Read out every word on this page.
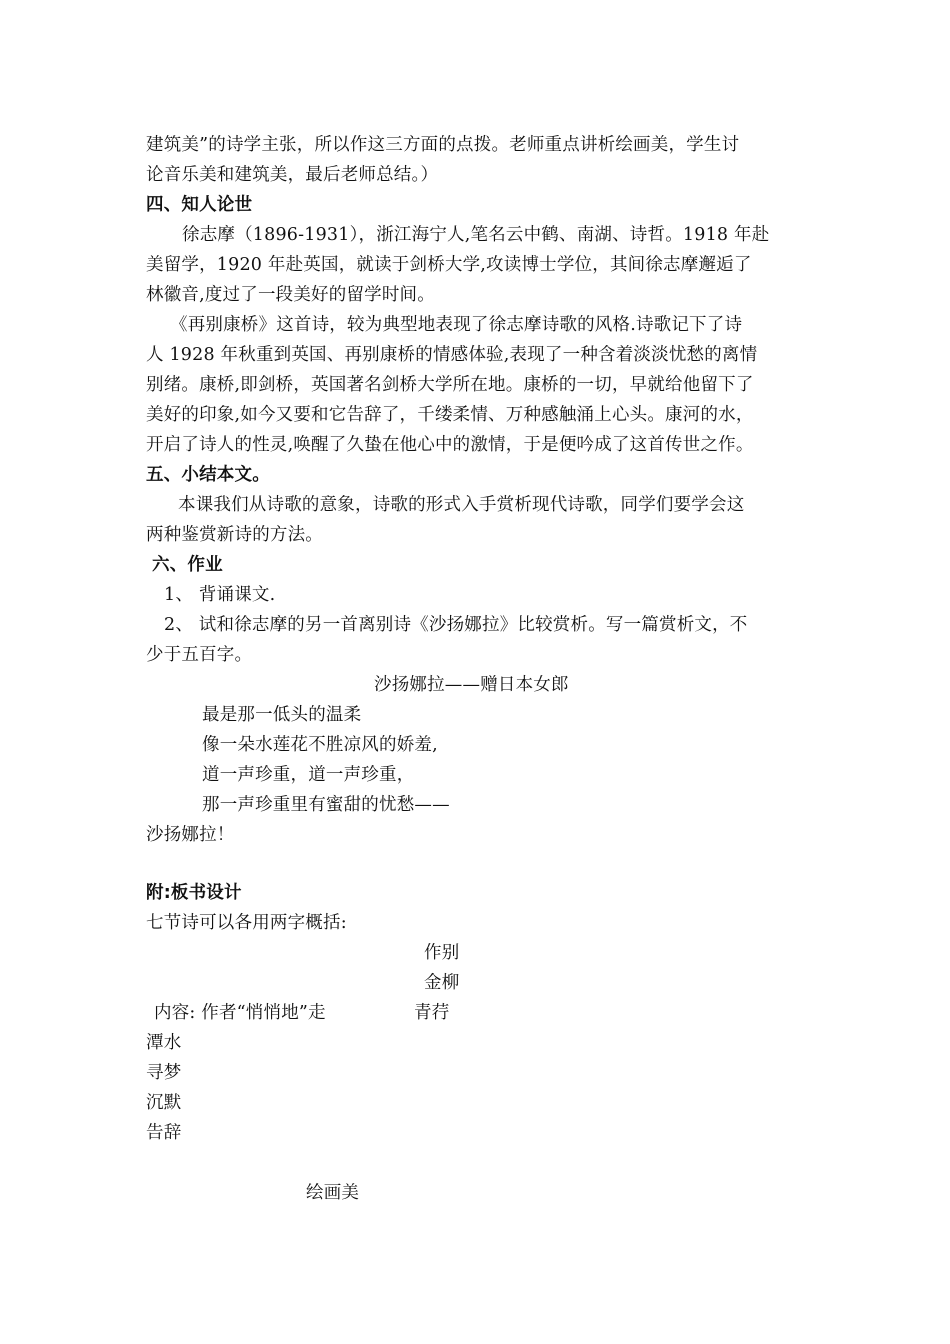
建筑美”的诗学主张，所以作这三方面的点拨。老师重点讲析绘画美，学生讨
论音乐美和建筑美，最后老师总结。）
四、知人论世
徐志摩（1896-1931），浙江海宁人,笔名云中鹤、南湖、诗哲。1918 年赴
美留学，1920 年赴英国，就读于剑桥大学,攻读博士学位，其间徐志摩邂逅了
林徽音,度过了一段美好的留学时间。
《再别康桥》这首诗，较为典型地表现了徐志摩诗歌的风格.诗歌记下了诗
人 1928 年秋重到英国、再别康桥的情感体验,表现了一种含着淡淡忧愁的离情
别绪。康桥,即剑桥，英国著名剑桥大学所在地。康桥的一切，早就给他留下了
美好的印象,如今又要和它告辞了，千缕柔情、万种感触涌上心头。康河的水，
开启了诗人的性灵,唤醒了久蛰在他心中的激情，于是便吟成了这首传世之作。
五、小结本文。
本课我们从诗歌的意象，诗歌的形式入手赏析现代诗歌，同学们要学会这
两种鉴赏新诗的方法。
六、作业
1、 背诵课文.
2、 试和徐志摩的另一首离别诗《沙扬娜拉》比较赏析。写一篇赏析文，不
少于五百字。
沙扬娜拉——赠日本女郎
最是那一低头的温柔
像一朵水莲花不胜凉风的娇羞,
道一声珍重，道一声珍重，
那一声珍重里有蜜甜的忧愁——
沙扬娜拉！
附:板书设计
七节诗可以各用两字概括:
作别
金柳
内容: 作者“悄悄地”走	青荇
潭水
寻梦
沉默
告辞
绘画美
